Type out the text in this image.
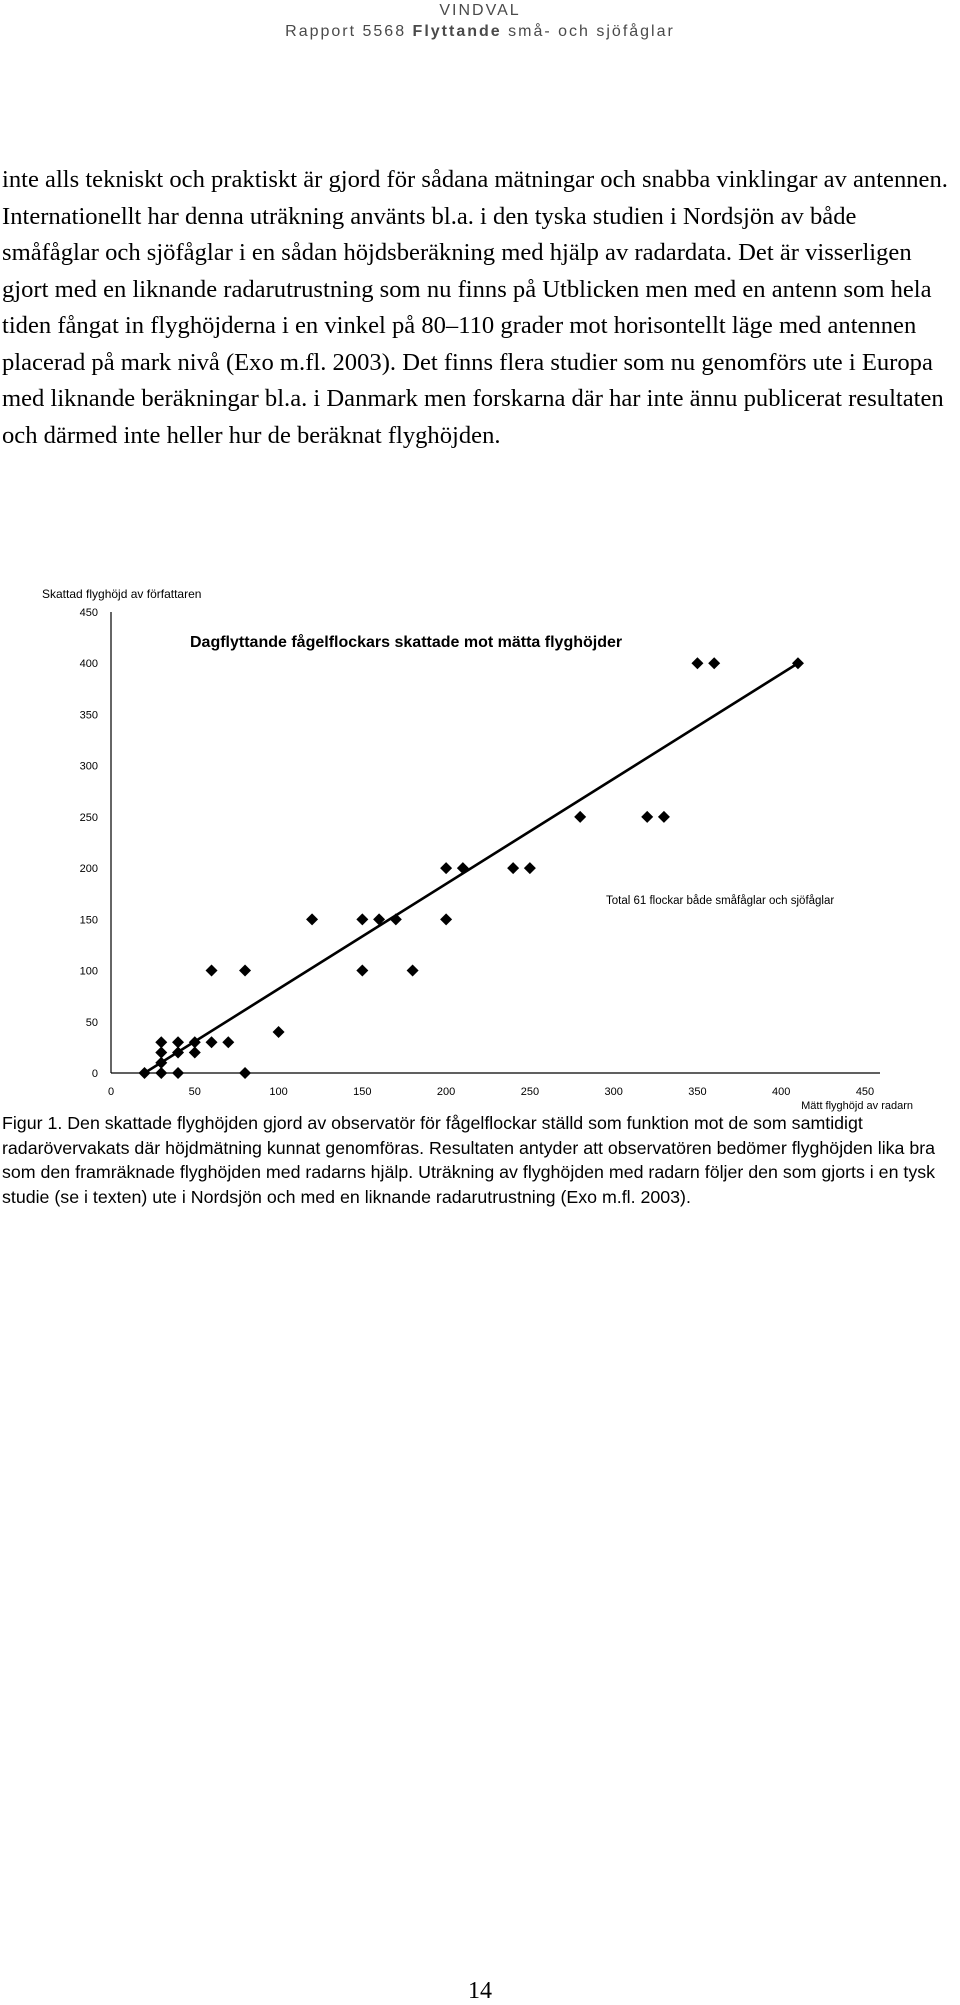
VINDVAL
Rapport 5568 Flyttande små- och sjöfåglar

inte alls tekniskt och praktiskt är gjord för sådana mätningar och snabba vinklingar av antennen. Internationellt har denna uträkning använts bl.a. i den tyska studien i Nordsjön av både småfåglar och sjöfåglar i en sådan höjdsberäkning med hjälp av radardata. Det är visserligen gjort med en liknande radarutrustning som nu finns på Utblicken men med en antenn som hela tiden fångat in flyghöjderna i en vinkel på 80–110 grader mot horisontellt läge med antennen placerad på mark nivå (Exo m.fl. 2003). Det finns flera studier som nu genomförs ute i Europa med liknande beräkningar bl.a. i Danmark men forskarna där har inte ännu publicerat resultaten och därmed inte heller hur de beräknat flyghöjden.

Skattad flyghöjd av författaren
Dagflyttande fågelflockars skattade mot mätta flyghöjder
Total 61 flockar både småfåglar och sjöfåglar
Mätt flyghöjd av radarn
0
50
100
150
200
250
300
350
400
450
0	50	100	150	200	250	300	350	400	450
Figur 1. Den skattade flyghöjden gjord av observatör för fågelflockar ställd som funktion mot de som samtidigt radarövervakats där höjdmätning kunnat genomföras. Resultaten antyder att observatören bedömer flyghöjden lika bra som den framräknade flyghöjden med radarns hjälp. Uträkning av flyghöjden med radarn följer den som gjorts i en tysk studie (se i texten) ute i Nordsjön och med en liknande radarutrustning (Exo m.fl. 2003).
14
